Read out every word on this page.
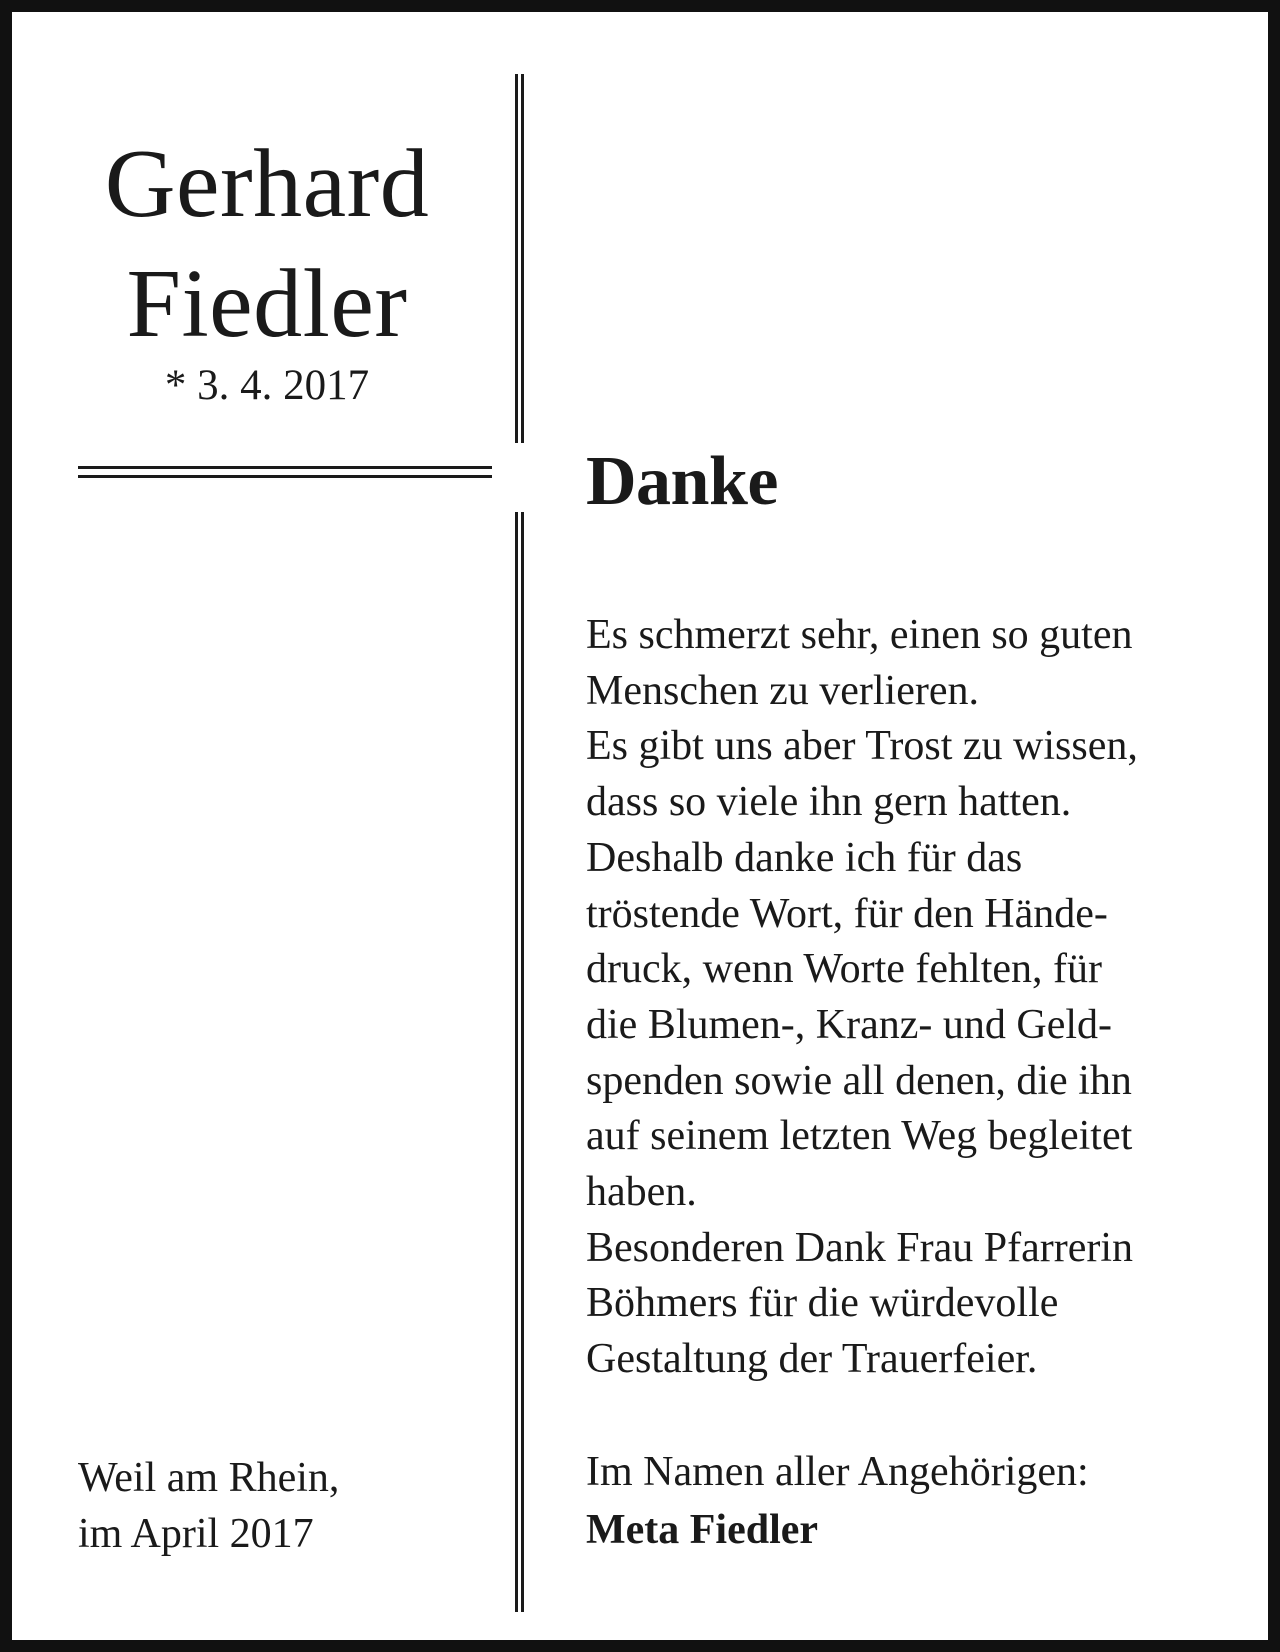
Gerhard
Fiedler
* 3. 4. 2017
Weil am Rhein,
im April 2017
Danke
Es schmerzt sehr, einen so guten
Menschen zu verlieren.
Es gibt uns aber Trost zu wissen,
dass so viele ihn gern hatten.
Deshalb danke ich für das
tröstende Wort, für den Hände-
druck, wenn Worte fehlten, für
die Blumen-, Kranz- und Geld-
spenden sowie all denen, die ihn
auf seinem letzten Weg begleitet
haben.
Besonderen Dank Frau Pfarrerin
Böhmers für die würdevolle
Gestaltung der Trauerfeier.
Im Namen aller Angehörigen:
Meta Fiedler
